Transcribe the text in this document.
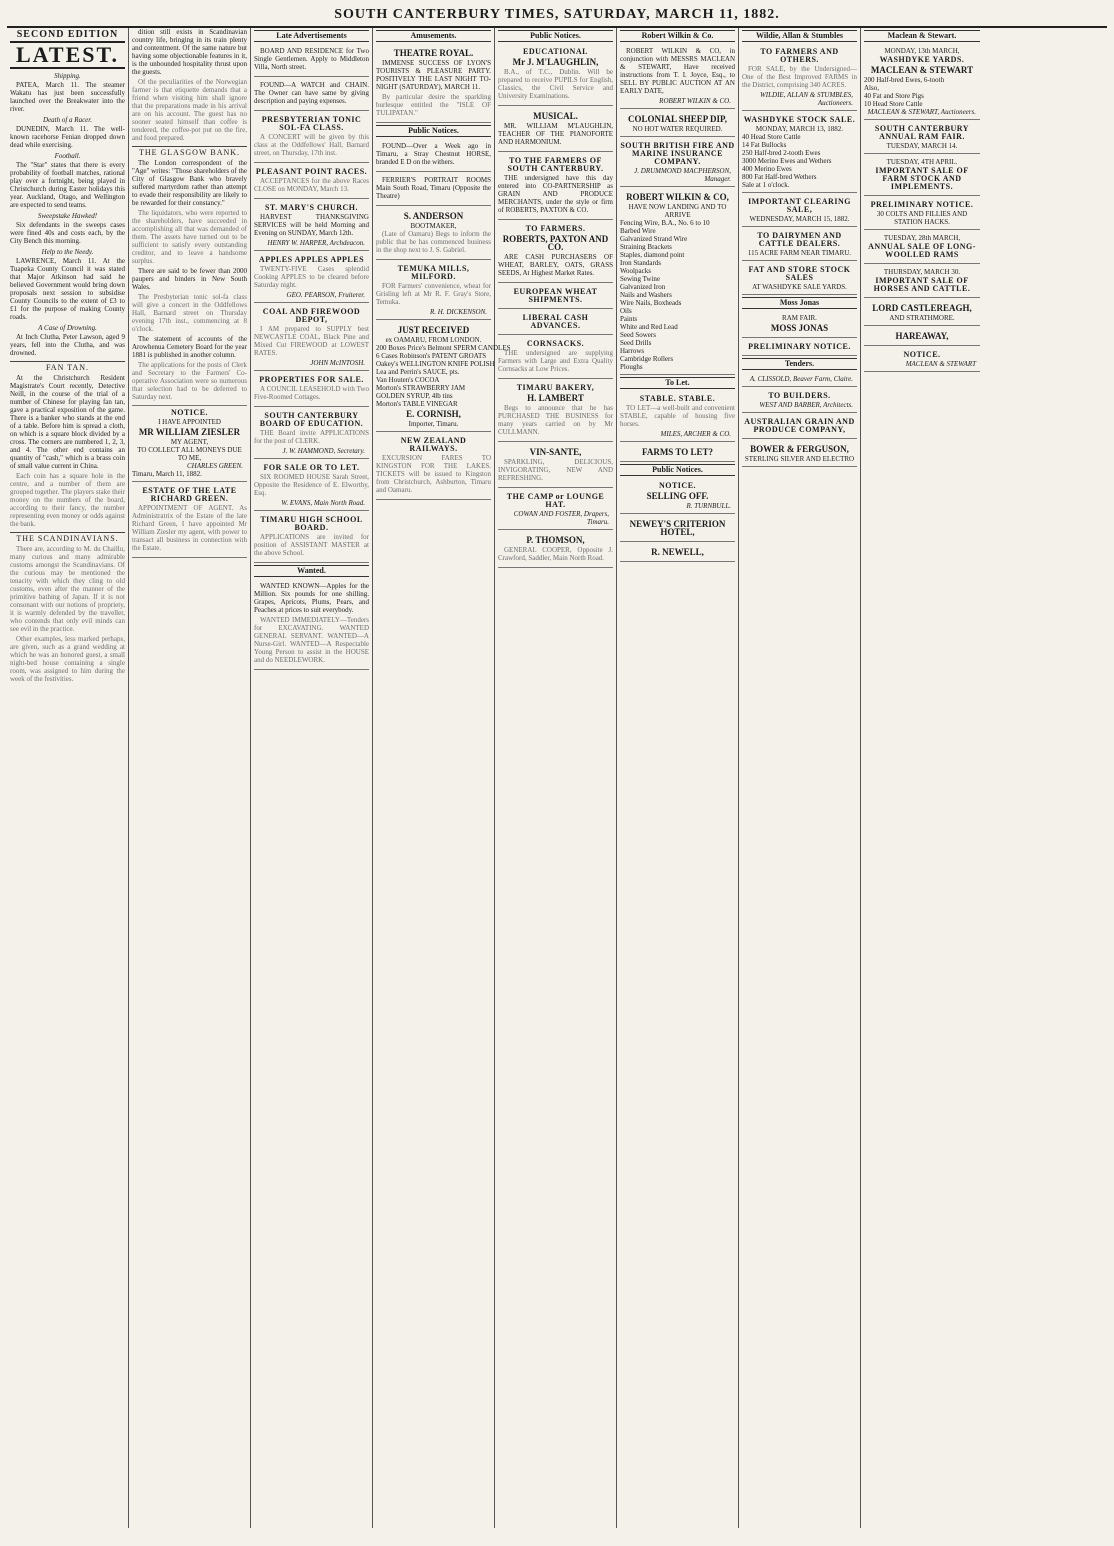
SOUTH CANTERBURY TIMES, SATURDAY, MARCH 11, 1882.
SECOND EDITION
LATEST.
Shipping.

PATEA, March 11. The steamer Wakatu has just been successfully launched over the Breakwater into the river.

Death of a Racer.

DUNEDIN, March 11. The well-known racehorse Fenian dropped down dead while exercising.

Football.

The "Star" states that there is every probability of football matches, rational play over a fortnight, being played in Christchurch during Easter holidays this year. Auckland, Otago, and Wellington are expected to send teams.

Sweepstake Hawked!

Six defendants in the sweeps cases were fined 40s and costs each, by the City Bench this morning.

Help to the Needy.

LAWRENCE, March 11. At the Tuapeka County Council it was stated that Major Atkinson had said he believed Government would bring down proposals next session to subsidise County Councils to the extent of £3 to £1 for the purpose of making County roads.

A Case of Drowning.

At Inch Clutha, Peter Lawson, aged 9 years, fell into the Clutha, and was drowned.

FAN TAN.

At the Christchurch Resident Magistrate's Court recently, Detective Neill, in the course of the trial of a number of Chinese for playing fan tan, gave a practical exposition of the game. There is a banker who stands at the end of a table. Before him is spread a cloth, on which is a square block divided by a cross. The corners are numbered 1, 2, 3, and 4. The other end contains an quantity of "cash," which is a brass coin of small value current in China.

Each coin has a square hole in the centre, and a number of them are grouped together. The players stake their money on the numbers of the board, according to their fancy, the number representing even money or odds against the bank.

THE SCANDINAVIANS.

There are, according to M. du Chaillu, many curious and many admirable customs amongst the Scandinavians. Of the curious may be mentioned the tenacity with which they cling to old customs, even after the manner of the primitive bathing of Japan. If it is not consonant with our notions of propriety, it is warmly defended by the traveller, who contends that only evil minds can see evil in the practice.

Other examples, less marked perhaps, are given, such as a grand wedding at which he was an honored guest, a small night-bed house containing a single room, was assigned to him during the week of the festivities.

dition still exists in Scandinavian country life, bringing in its train plenty and contentment. Of the same nature but having some objectionable features in it, is the unbounded hospitality thrust upon the guests.

Of the peculiarities of the Norwegian farmer is that etiquette demands that a friend when visiting him shall ignore that the preparations made in his arrival are on his account. The guest has no sooner seated himself than coffee is tendered, the coffee-pot put on the fire, and food prepared.

THE GLASGOW BANK.

The London correspondent of the "Age" writes: "Those shareholders of the City of Glasgow Bank who bravely suffered martyrdom rather than attempt to evade their responsibility are likely to be rewarded for their constancy."

The liquidators, who were reported to the shareholders, have succeeded in accomplishing all that was demanded of them. The assets have turned out to be sufficient to satisfy every outstanding creditor, and to leave a handsome surplus.

There are said to be fewer than 2000 paupers and binders in New South Wales.

The Presbyterian tonic sol-fa class will give a concert in the Oddfellows Hall, Barnard street on Thursday evening 17th inst., commencing at 8 o'clock.

The statement of accounts of the Arowhenua Cemetery Board for the year 1881 is published in another column.

The applications for the posts of Clerk and Secretary to the Farmers' Co-operative Association were so numerous that selection had to be deferred to Saturday next.

NOTICE.
I HAVE APPOINTED
MR WILLIAM ZIESLER
MY AGENT,
TO COLLECT ALL MONEYS DUE TO ME,
CHARLES GREEN.
Timaru, March 11, 1882.
ESTATE OF THE LATE RICHARD GREEN.

APPOINTMENT OF AGENT. As Administratrix of the Estate of the late Richard Green, I have appointed Mr William Ziesler my agent, with power to transact all business in connection with the Estate.

Late Advertisements

BOARD AND RESIDENCE for Two Single Gentlemen. Apply to Middleton Villa, North street.

FOUND—A WATCH and CHAIN. The Owner can have same by giving description and paying expenses.

PRESBYTERIAN TONIC SOL-FA CLASS.

A CONCERT will be given by this class at the Oddfellows' Hall, Barnard street, on Thursday, 17th inst.

PLEASANT POINT RACES.

ACCEPTANCES for the above Races CLOSE on MONDAY, March 13.

ST. MARY'S CHURCH.

HARVEST THANKSGIVING SERVICES will be held Morning and Evening on SUNDAY, March 12th.

HENRY W. HARPER, Archdeacon.
APPLES APPLES APPLES

TWENTY-FIVE Cases splendid Cooking APPLES to be cleared before Saturday night.

GEO. PEARSON, Fruiterer.
COAL AND FIREWOOD DEPOT,

I AM prepared to SUPPLY best NEWCASTLE COAL, Black Pine and Mixed Cut FIREWOOD at LOWEST RATES.

JOHN McINTOSH.
PROPERTIES FOR SALE.

A COUNCIL LEASEHOLD with Two Five-Roomed Cottages.

SOUTH CANTERBURY BOARD OF EDUCATION.

THE Board invite APPLICATIONS for the post of CLERK.

J. W. HAMMOND, Secretary.
FOR SALE OR TO LET.

SIX ROOMED HOUSE Sarah Street, Opposite the Residence of E. Elworthy, Esq.

W. EVANS, Main North Road.
TIMARU HIGH SCHOOL BOARD.

APPLICATIONS are invited for position of ASSISTANT MASTER at the above School.

Wanted.

WANTED KNOWN—Apples for the Million. Six pounds for one shilling. Grapes, Apricots, Plums, Pears, and Peaches at prices to suit everybody.

WANTED IMMEDIATELY—Tenders for EXCAVATING. WANTED GENERAL SERVANT. WANTED—A Nurse-Girl. WANTED—A Respectable Young Person to assist in the HOUSE and do NEEDLEWORK.

Amusements.
THEATRE ROYAL.

IMMENSE SUCCESS OF LYON'S TOURISTS & PLEASURE PARTY. POSITIVELY THE LAST NIGHT TO-NIGHT (SATURDAY), MARCH 11.

By particular desire the sparkling burlesque entitled the "ISLE OF TULIPATAN."

Public Notices.

FOUND—Over a Week ago in Timaru, a Stray Chestnut HORSE, branded E D on the withers.

FERRIER'S PORTRAIT ROOMS Main South Road, Timaru (Opposite the Theatre)

S. ANDERSON
BOOTMAKER,

(Late of Oamaru) Begs to inform the public that he has commenced business in the shop next to J. S. Gabriel.

TEMUKA MILLS, MILFORD.

FOR Farmers' convenience, wheat for Grisling left at Mr R. F. Gray's Store, Temuka.

R. H. DICKENSON.
JUST RECEIVED
ex OAMARU, FROM LONDON.
200 Boxes Price's Belmont SPERM CANDLES
6 Cases Robinson's PATENT GROATS
Oakey's WELLINGTON KNIFE POLISH
Lea and Perrin's SAUCE, pts.
Van Houten's COCOA
Morton's STRAWBERRY JAM
GOLDEN SYRUP, 4lb tins
Morton's TABLE VINEGAR
E. CORNISH,
Importer, Timaru.
NEW ZEALAND RAILWAYS.

EXCURSION FARES TO KINGSTON FOR THE LAKES. TICKETS will be issued to Kingston from Christchurch, Ashburton, Timaru and Oamaru.

Public Notices.
EDUCATIONAL
Mr J. M'LAUGHLIN,

B.A., of T.C., Dublin. Will be prepared to receive PUPILS for English, Classics, the Civil Service and University Examinations.

MUSICAL.

MR. WILLIAM M'LAUGHLIN, TEACHER OF THE PIANOFORTE AND HARMONIUM.

TO THE FARMERS OF SOUTH CANTERBURY.

THE undersigned have this day entered into CO-PARTNERSHIP as GRAIN AND PRODUCE MERCHANTS, under the style or firm of ROBERTS, PAXTON & CO.

TO FARMERS.
ROBERTS, PAXTON AND CO.

ARE CASH PURCHASERS OF WHEAT, BARLEY, OATS, GRASS SEEDS, At Highest Market Rates.

EUROPEAN WHEAT SHIPMENTS.
LIBERAL CASH ADVANCES.
CORNSACKS.

THE undersigned are supplying Farmers with Large and Extra Quality Cornsacks at Low Prices.

TIMARU BAKERY,
H. LAMBERT

Begs to announce that he has PURCHASED THE BUSINESS for many years carried on by Mr CULLMANN.

VIN-SANTE,

SPARKLING, DELICIOUS, INVIGORATING, NEW AND REFRESHING.

THE CAMP or LOUNGE HAT.
COWAN AND FOSTER, Drapers, Timaru.
P. THOMSON,

GENERAL COOPER, Opposite J. Crawford, Saddler, Main North Road.

Robert Wilkin & Co.

ROBERT WILKIN & CO, in conjunction with MESSRS MACLEAN & STEWART, Have received instructions from T. I. Joyce, Esq., to SELL BY PUBLIC AUCTION AT AN EARLY DATE,

ROBERT WILKIN & CO.
COLONIAL SHEEP DIP,
NO HOT WATER REQUIRED.
SOUTH BRITISH FIRE AND MARINE INSURANCE COMPANY.
J. DRUMMOND MACPHERSON, Manager.
ROBERT WILKIN & CO,
HAVE NOW LANDING AND TO ARRIVE
Fencing Wire, B.A., No. 6 to 10
Barbed Wire
Galvanized Strand Wire
Straining Brackets
Staples, diamond point
Iron Standards
Woolpacks
Sewing Twine
Galvanized Iron
Nails and Washers
Wire Nails, Boxheads
Oils
Paints
White and Red Lead
Seed Sowers
Seed Drills
Harrows
Cambridge Rollers
Ploughs
To Let.
STABLE. STABLE.

TO LET—a well-built and convenient STABLE, capable of housing five horses.

MILES, ARCHER & CO.
FARMS TO LET?
Public Notices.
NOTICE.
SELLING OFF.
R. TURNBULL.
NEWEY'S CRITERION HOTEL,
R. NEWELL,
Wildie, Allan & Stumbles
TO FARMERS AND OTHERS.

FOR SALE, by the Undersigned—One of the Best Improved FARMS in the District, comprising 340 ACRES.

WILDIE, ALLAN & STUMBLES, Auctioneers.
WASHDYKE STOCK SALE.
MONDAY, MARCH 13, 1882.
40 Head Store Cattle
14 Fat Bullocks
250 Half-bred 2-tooth Ewes
3000 Merino Ewes and Wethers
400 Merino Ewes
800 Fat Half-bred Wethers
Sale at 1 o'clock.
IMPORTANT CLEARING SALE,
WEDNESDAY, MARCH 15, 1882.
TO DAIRYMEN AND CATTLE DEALERS.
115 ACRE FARM NEAR TIMARU.
FAT AND STORE STOCK SALES
AT WASHDYKE SALE YARDS.
Moss Jonas
RAM FAIR.
MOSS JONAS
PRELIMINARY NOTICE.
Tenders.
A. CLISSOLD, Beaver Farm, Claire.
TO BUILDERS.
WEST AND BARBER, Architects.
AUSTRALIAN GRAIN AND PRODUCE COMPANY,
BOWER & FERGUSON,
STERLING SILVER AND ELECTRO
Maclean & Stewart.
MONDAY, 13th MARCH,
WASHDYKE YARDS.
MACLEAN & STEWART
200 Half-bred Ewes, 6-tooth
Also,
40 Fat and Store Pigs
10 Head Store Cattle
MACLEAN & STEWART, Auctioneers.
SOUTH CANTERBURY ANNUAL RAM FAIR.
TUESDAY, MARCH 14.
TUESDAY, 4TH APRIL.
IMPORTANT SALE OF FARM STOCK AND IMPLEMENTS.
PRELIMINARY NOTICE.
30 COLTS AND FILLIES AND STATION HACKS.
TUESDAY, 28th MARCH,
ANNUAL SALE OF LONG-WOOLLED RAMS
THURSDAY, MARCH 30.
IMPORTANT SALE OF HORSES AND CATTLE.
LORD CASTLEREAGH,
AND STRATHMORE.
HAREAWAY,
NOTICE.
MACLEAN & STEWART
